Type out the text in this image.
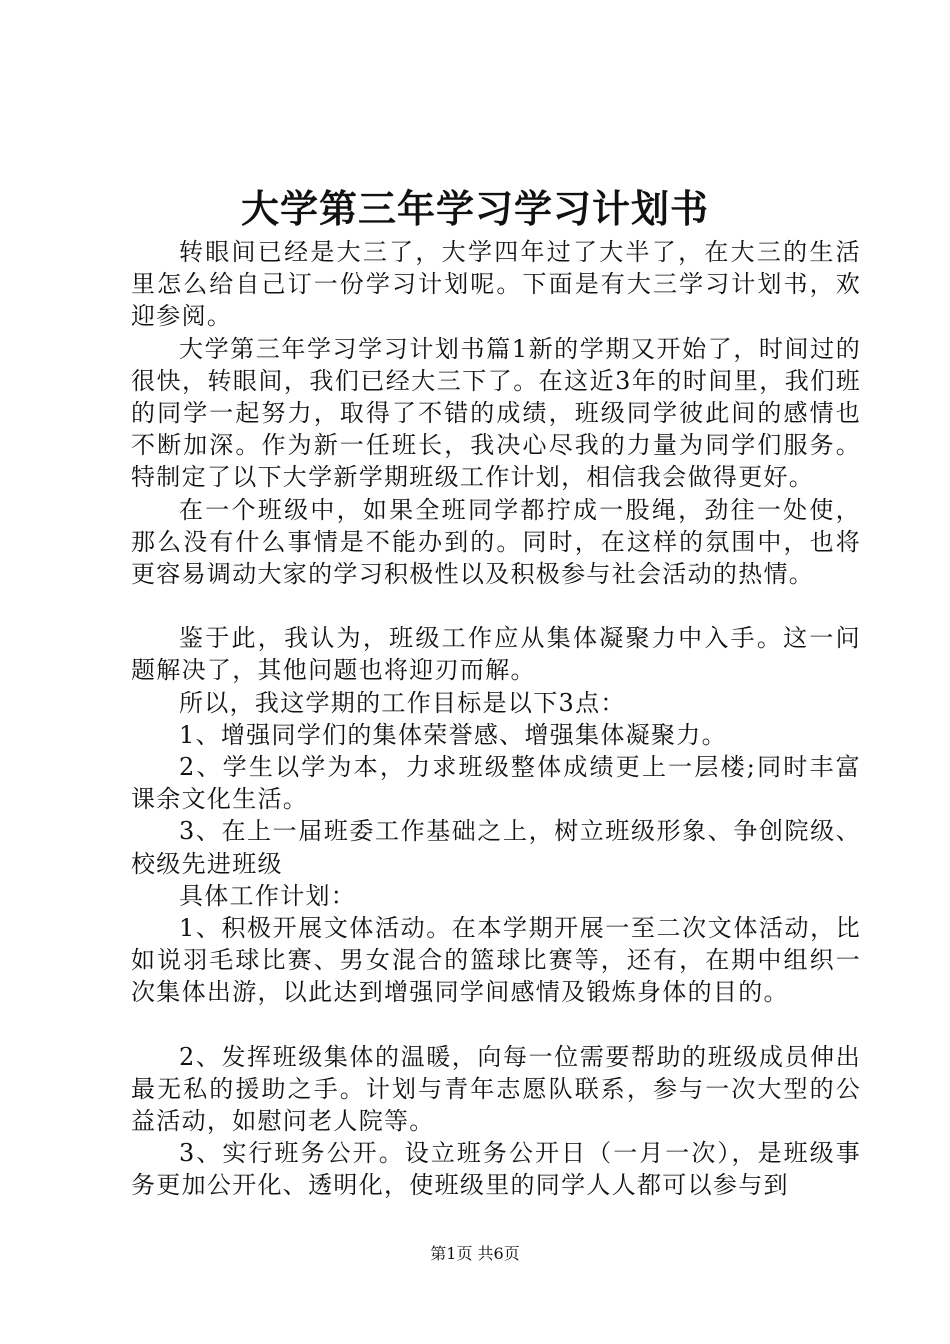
大学第三年学习学习计划书

转眼间已经是大三了，大学四年过了大半了，在大三的生活里怎么给自己订一份学习计划呢。下面是有大三学习计划书，欢迎参阅。

大学第三年学习学习计划书篇1新的学期又开始了，时间过的很快，转眼间，我们已经大三下了。在这近3年的时间里，我们班的同学一起努力，取得了不错的成绩，班级同学彼此间的感情也不断加深。作为新一任班长，我决心尽我的力量为同学们服务。特制定了以下大学新学期班级工作计划，相信我会做得更好。

在一个班级中，如果全班同学都拧成一股绳，劲往一处使，那么没有什么事情是不能办到的。同时，在这样的氛围中，也将更容易调动大家的学习积极性以及积极参与社会活动的热情。

鉴于此，我认为，班级工作应从集体凝聚力中入手。这一问题解决了，其他问题也将迎刃而解。

所以，我这学期的工作目标是以下3点：

1、增强同学们的集体荣誉感、增强集体凝聚力。

2、学生以学为本，力求班级整体成绩更上一层楼;同时丰富课余文化生活。

3、在上一届班委工作基础之上，树立班级形象、争创院级、校级先进班级

具体工作计划：

1、积极开展文体活动。在本学期开展一至二次文体活动，比如说羽毛球比赛、男女混合的篮球比赛等，还有，在期中组织一次集体出游，以此达到增强同学间感情及锻炼身体的目的。

2、发挥班级集体的温暖，向每一位需要帮助的班级成员伸出最无私的援助之手。计划与青年志愿队联系，参与一次大型的公益活动，如慰问老人院等。

3、实行班务公开。设立班务公开日（一月一次），是班级事务更加公开化、透明化，使班级里的同学人人都可以参与到

第1页 共6页
